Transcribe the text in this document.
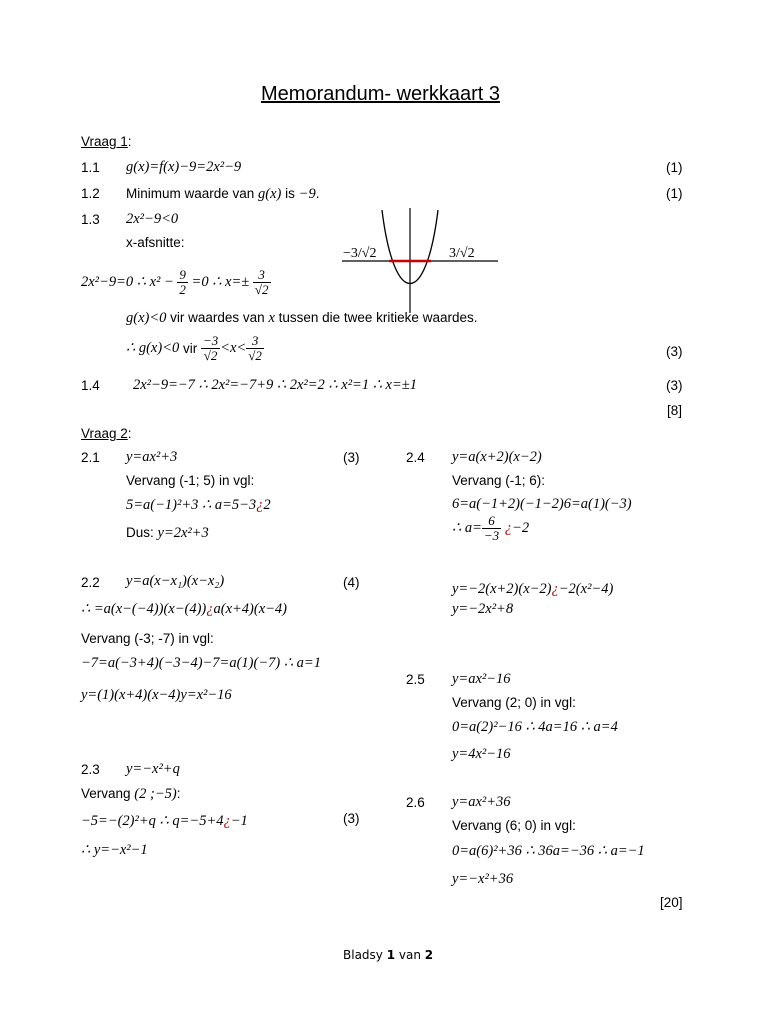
Memorandum- werkkaart 3
Vraag 1:
1.1 g(x)=f(x)−9=2x²−9	(1)
1.2 Minimum waarde van g(x) is −9.	(1)
1.3 2x²−9<0
x-afsnitte:
2x²−9=0 ∴ $x^2 - \frac{9}{2} =0$ ∴ $x=\pm \frac{3}{√2}$
−3/√2	3/√2
g(x)<0 vir waardes van x tussen die twee kritieke waardes.
∴ g(x)<0 vir $\frac{-3}{√2} <x< \frac{3}{√2}$	(3)
1.4 2x²−9=−7 ∴ 2x²=−7+9 ∴ 2x²=2 ∴ x²=1 ∴ x=±1	(3)
[8]
Vraag 2:
2.1 y=ax²+3	(3)
Vervang (-1; 5) in vgl:
5=a(−1)²+3 ∴ a=5−3¿2
Dus: y=2x²+3
2.2 y=a(x−x₁)(x−x₂)	(4)
∴ =a(x−(−4))(x−(4))¿a(x+4)(x−4)
Vervang (-3; -7) in vgl:
−7=a(−3+4)(−3−4)−7=a(1)(−7) ∴ a=1
y=(1)(x+4)(x−4)y=x²−16
2.3 y=−x²+q
Vervang (2 ;−5):
−5=−(2)²+q ∴ q=−5+4¿−1	(3)
∴ y=−x²−1
2.4 y=a(x+2)(x−2)
Vervang (-1; 6):
6=a(−1+2)(−1−2)6=a(1)(−3)
∴ $a= \frac{6}{-3}$ ¿−2
y=−2(x+2)(x−2)¿−2(x²−4)
y=−2x²+8
2.5 y=ax²−16
Vervang (2; 0) in vgl:
0=a(2)²−16 ∴ 4a=16 ∴ a=4
y=4x²−16
2.6 y=ax²+36
Vervang (6; 0) in vgl:
0=a(6)²+36 ∴ 36a=−36 ∴ a=−1
y=−x²+36
[20]
Bladsy 1 van 2
